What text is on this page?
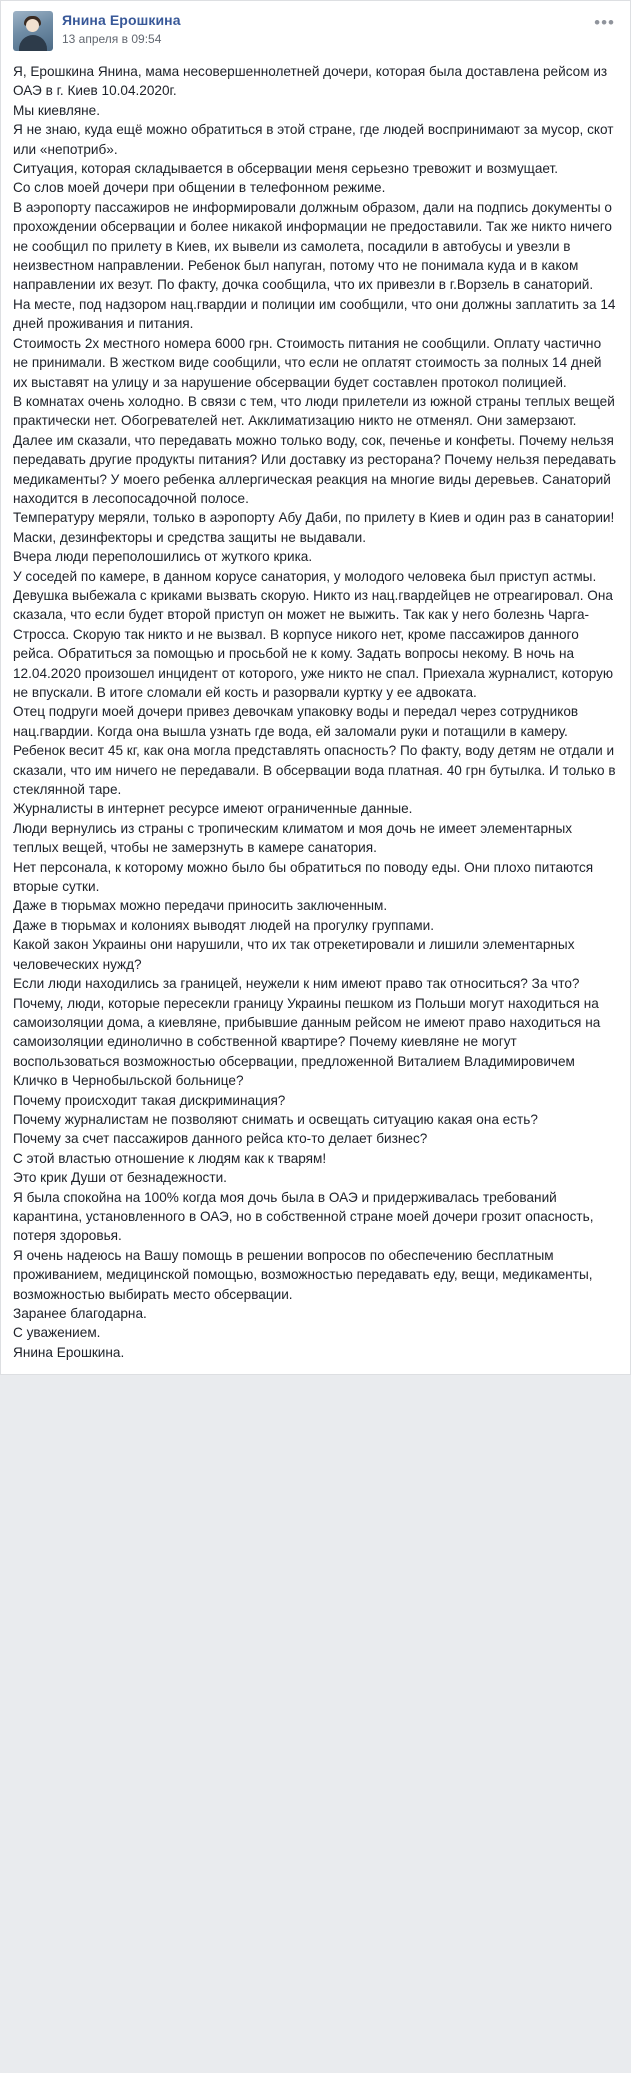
Янина Ерошкина
13 апреля в 09:54
•••

Я, Ерошкина Янина, мама несовершеннолетней дочери, которая была доставлена рейсом из ОАЭ в г. Киев 10.04.2020г.

Мы киевляне.

Я не знаю, куда ещё можно обратиться в этой стране, где людей воспринимают за мусор, скот или «непотриб».

Ситуация, которая складывается в обсервации меня серьезно тревожит и возмущает.

Со слов моей дочери при общении в телефонном режиме.

В аэропорту пассажиров не информировали должным образом, дали на подпись документы о прохождении обсервации и более никакой информации не предоставили. Так же никто ничего не сообщил по прилету в Киев, их вывели из самолета, посадили в автобусы и увезли в неизвестном направлении. Ребенок был напуган, потому что не понимала куда и в каком направлении их везут. По факту, дочка сообщила, что их привезли в г.Ворзель в санаторий.

На месте, под надзором нац.гвардии и полиции им сообщили, что они должны заплатить за 14 дней проживания и питания.

Стоимость 2х местного номера 6000 грн. Стоимость питания не сообщили. Оплату частично не принимали. В жестком виде сообщили, что если не оплатят стоимость за полных 14 дней их выставят на улицу и за нарушение обсервации будет составлен протокол полицией.

В комнатах очень холодно. В связи с тем, что люди прилетели из южной страны теплых вещей практически нет. Обогревателей нет. Акклиматизацию никто не отменял. Они замерзают.

Далее им сказали, что передавать можно только воду, сок, печенье и конфеты. Почему нельзя передавать другие продукты питания? Или доставку из ресторана? Почему нельзя передавать медикаменты? У моего ребенка аллергическая реакция на многие виды деревьев. Санаторий находится в лесопосадочной полосе.

Температуру меряли, только в аэропорту Абу Даби, по прилету в Киев и один раз в санатории! Маски, дезинфекторы и средства защиты не выдавали.

Вчера люди переполошились от жуткого крика.

У соседей по камере, в данном корусе санатория, у молодого человека был приступ астмы.

Девушка выбежала с криками вызвать скорую. Никто из нац.гвардейцев не отреагировал. Она сказала, что если будет второй приступ он может не выжить. Так как у него болезнь Чарга-Стросса. Скорую так никто и не вызвал. В корпусе никого нет, кроме пассажиров данного рейса. Обратиться за помощью и просьбой не к кому. Задать вопросы некому. В ночь на 12.04.2020 произошел инцидент от которого, уже никто не спал. Приехала журналист, которую не впускали. В итоге сломали ей кость и разорвали куртку у ее адвоката.

Отец подруги моей дочери привез девочкам упаковку воды и передал через сотрудников нац.гвардии. Когда она вышла узнать где вода, ей заломали руки и потащили в камеру. Ребенок весит 45 кг, как она могла представлять опасность? По факту, воду детям не отдали и сказали, что им ничего не передавали. В обсервации вода платная. 40 грн бутылка. И только в стеклянной таре.

Журналисты в интернет ресурсе имеют ограниченные данные.

Люди вернулись из страны с тропическим климатом и моя дочь не имеет элементарных теплых вещей, чтобы не замерзнуть в камере санатория.

Нет персонала, к которому можно было бы обратиться по поводу еды. Они плохо питаются вторые сутки.

Даже в тюрьмах можно передачи приносить заключенным.

Даже в тюрьмах и колониях выводят людей на прогулку группами.

Какой закон Украины они нарушили, что их так отрекетировали и лишили элементарных человеческих нужд?

Если люди находились за границей, неужели к ним имеют право так относиться? За что?

Почему, люди, которые пересекли границу Украины пешком из Польши могут находиться на самоизоляции дома, а киевляне, прибывшие данным рейсом не имеют право находиться на самоизоляции единолично в собственной квартире? Почему киевляне не могут воспользоваться возможностью обсервации, предложенной Виталием Владимировичем Кличко в Чернобыльской больнице?

Почему происходит такая дискриминация?

Почему журналистам не позволяют снимать и освещать ситуацию какая она есть?

Почему за счет пассажиров данного рейса кто-то делает бизнес?

С этой властью отношение к людям как к тварям!

Это крик Души от безнадежности.

Я была спокойна на 100% когда моя дочь была в ОАЭ и придерживалась требований карантина, установленного в ОАЭ, но в собственной стране моей дочери грозит опасность, потеря здоровья.

Я очень надеюсь на Вашу помощь в решении вопросов по обеспечению бесплатным проживанием, медицинской помощью, возможностью передавать еду, вещи, медикаменты, возможностью выбирать место обсервации.

Заранее благодарна.

С уважением.

Янина Ерошкина.
